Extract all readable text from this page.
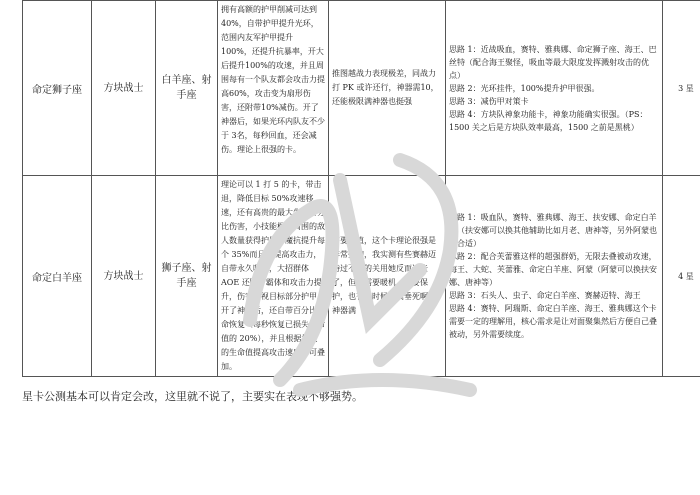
命定狮子座	方块战士	白羊座、射手座	拥有高额的护甲削减可达到40%，自带护甲提升光环，范围内友军护甲提升 100%，还提升抗暴率，开大后提升100%的攻速，并且周围每有一个队友都会攻击力提高60%，攻击变为扇形伤害，还附带10%减伤。开了神器后，如果光环内队友不少于 3名，每秒回血，还会减伤。理论上很强的卡。	推图越战力表现极差，同战力打 PK 或许还行，神器需10，还能极限满神器也挺强	思路 1：近战吸血，赛特、雅典娜、命定狮子座、海王、巴丝特（配合海王聚怪，吸血等最大限度发挥溅射攻击的优点）
思路 2：光环挂件，100%提升护甲很强。
思路 3：减伤甲对策卡
思路 4：方块队神象功能卡，神象功能确实很强。（PS：1500 关之后是方块队效率最高，1500 之前是黑桃）	3 星
命定白羊座	方块战士	狮子座、射手座	理论可以 1 打 5 的卡，带击退，降低目标 50%攻速移速，还有高贵的最大生命百分比伤害，小技能根据周围的敌人数量获得护甲，魔抗提升每个 35%而且还提高攻击力，自带永久吸血，大招群体 AOE 还附带霸体和攻击力提升，伤害无视目标部分护甲。开了神器后，还自带百分比生命恢复（每秒恢复已损失生命值的 20%），并且根据损失的生命值提高攻击速度，可叠加。	需要数值，这个卡理论很强是非常强的，我实测有些赛赫迈特过不去的关用她反而过去了，但是需要暖机，需要保护，也有的时候是真垂死啊，神器满	思路 1：吸血队，赛特、雅典娜、海王、扶安娜、命定白羊座（扶安娜可以换其他辅助比如月老、唐神等，另外阿蒙也很合适）
思路 2：配合芙蕾雅这样的超强群奶，无限去叠被动攻速，海王、大蛇、芙蕾雅、命定白羊座、阿蒙（阿蒙可以换扶安娜、唐神等）
思路 3：石头人、虫子、命定白羊座、赛赫迈特、海王
思路 4：赛特、阿瑞斯、命定白羊座、海王、雅典娜这个卡需要一定的理解用，核心需求是让对面聚集然后方便自己叠被动，另外需要续度。	4 星
星卡公测基本可以肯定会改，这里就不说了，主要实在表现不够强势。
